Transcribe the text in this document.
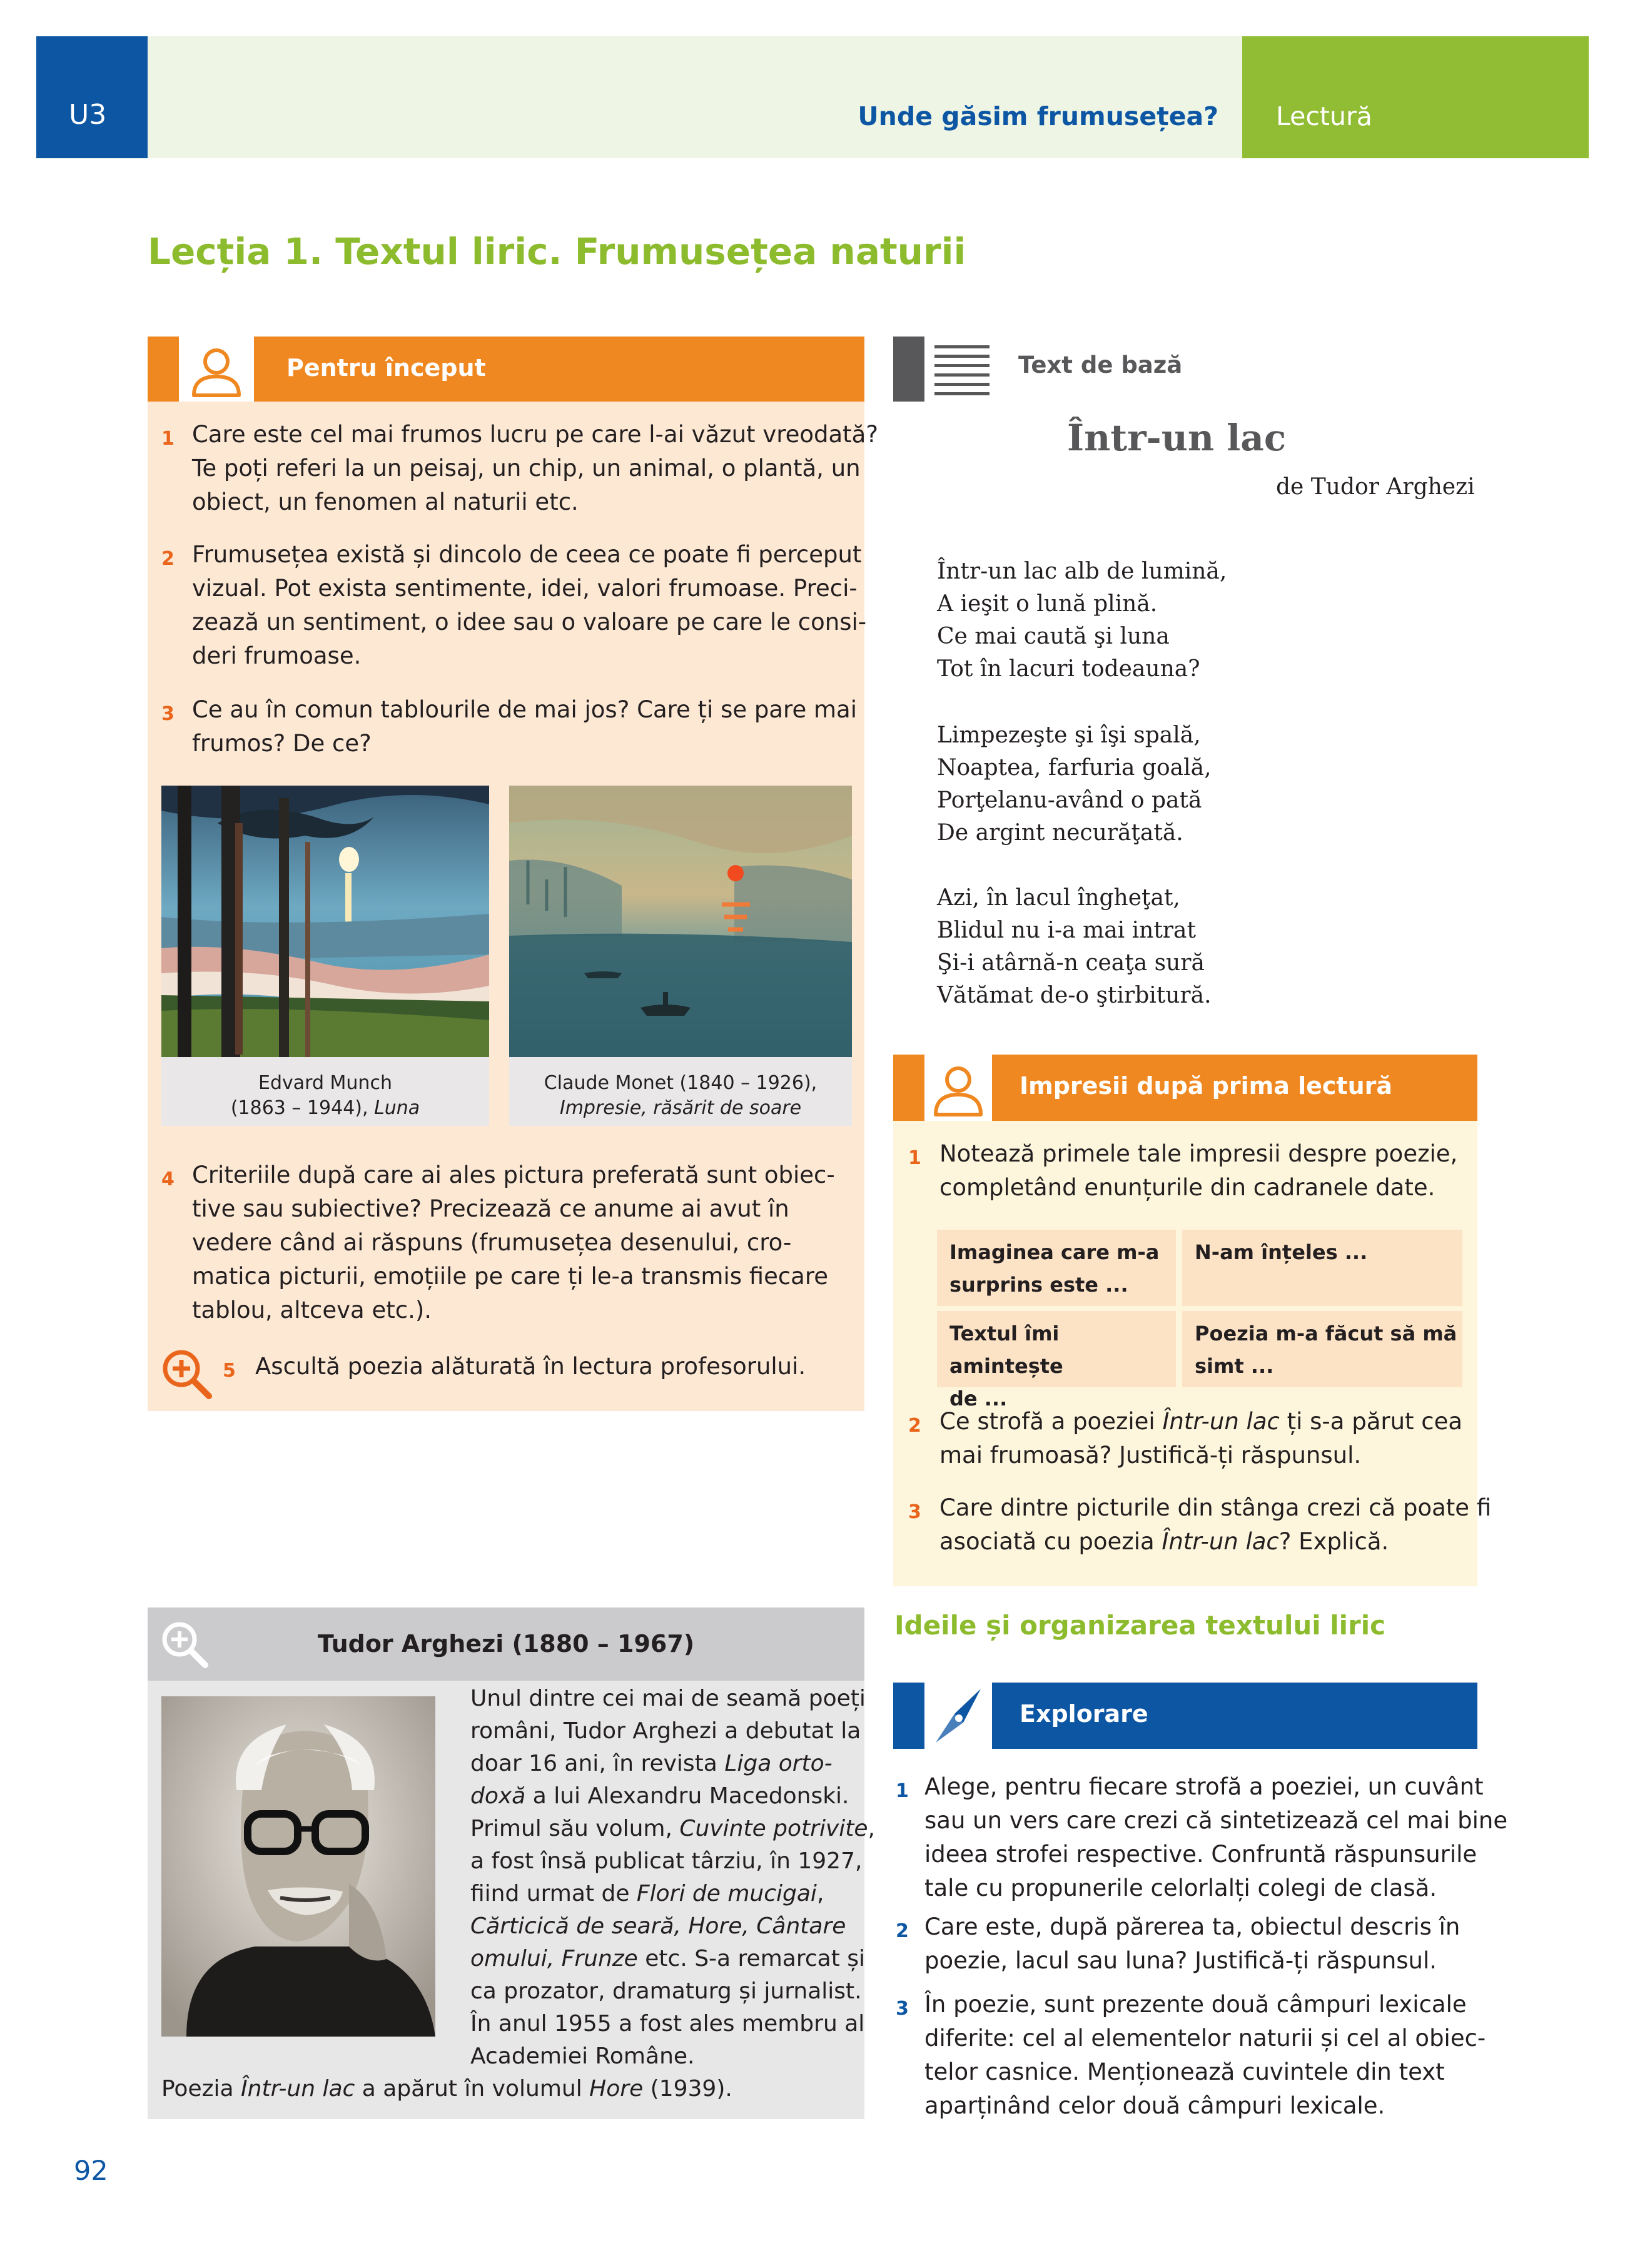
U3	Unde găsim frumusețea?	Lectură
Lecția 1. Textul liric. Frumusețea naturii
Pentru început
1 Care este cel mai frumos lucru pe care l-ai văzut vreodată?
Te poți referi la un peisaj, un chip, un animal, o plantă, un
obiect, un fenomen al naturii etc.
2 Frumusețea există și dincolo de ceea ce poate fi perceput
vizual. Pot exista sentimente, idei, valori frumoase. Preci-
zează un sentiment, o idee sau o valoare pe care le consi-
deri frumoase.
3 Ce au în comun tablourile de mai jos? Care ți se pare mai
frumos? De ce?
Edvard Munch
(1863 – 1944), Luna
Claude Monet (1840 – 1926),
Impresie, răsărit de soare
4 Criteriile după care ai ales pictura preferată sunt obiec-
tive sau subiective? Precizează ce anume ai avut în
vedere când ai răspuns (frumusețea desenului, cro-
matica picturii, emoțiile pe care ți le-a transmis fiecare
tablou, altceva etc.).
5 Ascultă poezia alăturată în lectura profesorului.
Tudor Arghezi (1880 – 1967)
Unul dintre cei mai de seamă poeți
români, Tudor Arghezi a debutat la
doar 16 ani, în revista Liga orto-
doxă a lui Alexandru Macedonski.
Primul său volum, Cuvinte potrivite,
a fost însă publicat târziu, în 1927,
fiind urmat de Flori de mucigai,
Cărticică de seară, Hore, Cântare
omului, Frunze etc. S-a remarcat și
ca prozator, dramaturg și jurnalist.
În anul 1955 a fost ales membru al
Academiei Române.
Poezia Într-un lac a apărut în volumul Hore (1939).
Text de bază
Într-un lac
de Tudor Arghezi
Într-un lac alb de lumină,
A ieşit o lună plină.
Ce mai caută şi luna
Tot în lacuri todeauna?
Limpezeşte şi îşi spală,
Noaptea, farfuria goală,
Porţelanu-având o pată
De argint necurăţată.
Azi, în lacul îngheţat,
Blidul nu i-a mai intrat
Şi-i atârnă-n ceaţa sură
Vătămat de-o ştirbitură.
Impresii după prima lectură
1 Notează primele tale impresii despre poezie,
completând enunțurile din cadranele date.
Imaginea care m-a
surprins este ...
N-am înțeles ...
Textul îmi amintește
de ...
Poezia m-a făcut să mă
simt ...
2 Ce strofă a poeziei Într-un lac ți s-a părut cea
mai frumoasă? Justifică-ți răspunsul.
3 Care dintre picturile din stânga crezi că poate fi
asociată cu poezia Într-un lac? Explică.
Ideile și organizarea textului liric
Explorare
1 Alege, pentru fiecare strofă a poeziei, un cuvânt
sau un vers care crezi că sintetizează cel mai bine
ideea strofei respective. Confruntă răspunsurile
tale cu propunerile celorlalți colegi de clasă.
2 Care este, după părerea ta, obiectul descris în
poezie, lacul sau luna? Justifică-ți răspunsul.
3 În poezie, sunt prezente două câmpuri lexicale
diferite: cel al elementelor naturii și cel al obiec-
telor casnice. Menționează cuvintele din text
aparținând celor două câmpuri lexicale.
92
